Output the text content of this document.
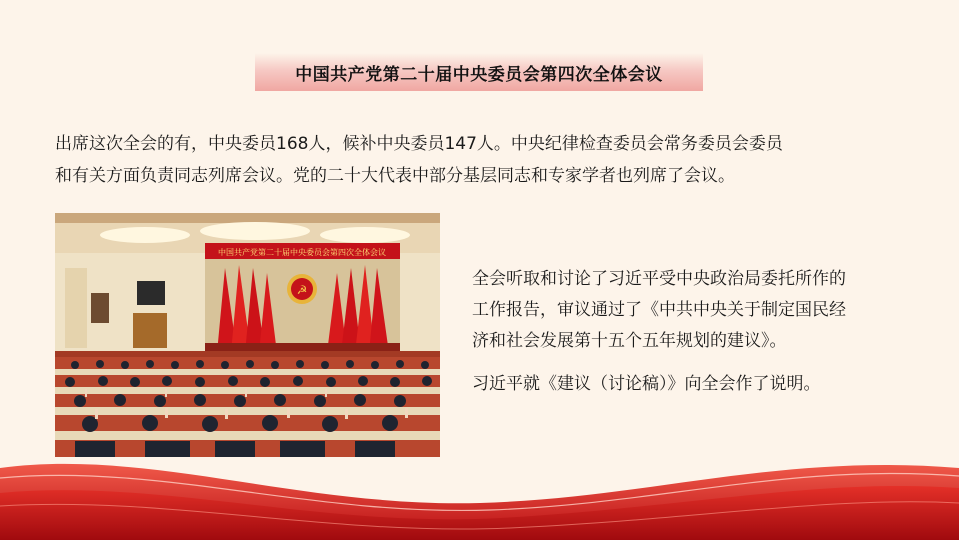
中国共产党第二十届中央委员会第四次全体会议

出席这次全会的有，中央委员168人，候补中央委员147人。中央纪律检查委员会常务委员会委员

和有关方面负责同志列席会议。党的二十大代表中部分基层同志和专家学者也列席了会议。

中国共产党第二十届中央委员会第四次全体会议
☭

全会听取和讨论了习近平受中央政治局委托所作的

工作报告，审议通过了《中共中央关于制定国民经

济和社会发展第十五个五年规划的建议》。

习近平就《建议（讨论稿）》向全会作了说明。
